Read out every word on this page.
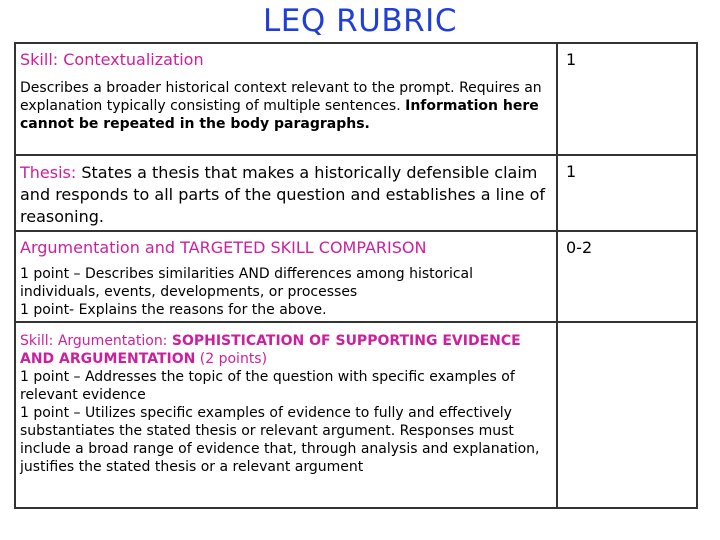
LEQ RUBRIC
Skill: Contextualization
Describes a broader historical context relevant to the prompt. Requires an explanation typically consisting of multiple sentences. Information here cannot be repeated in the body paragraphs.	1

Thesis: States a thesis that makes a historically defensible claim and responds to all parts of the question and establishes a line of reasoning.	1

Argumentation and TARGETED SKILL COMPARISON
1 point – Describes similarities AND differences among historical individuals, events, developments, or processes
1 point- Explains the reasons for the above.	0-2

Skill: Argumentation: SOPHISTICATION OF SUPPORTING EVIDENCE AND ARGUMENTATION (2 points)
1 point – Addresses the topic of the question with specific examples of relevant evidence
1 point – Utilizes specific examples of evidence to fully and effectively substantiates the stated thesis or relevant argument. Responses must include a broad range of evidence that, through analysis and explanation, justifies the stated thesis or a relevant argument	
